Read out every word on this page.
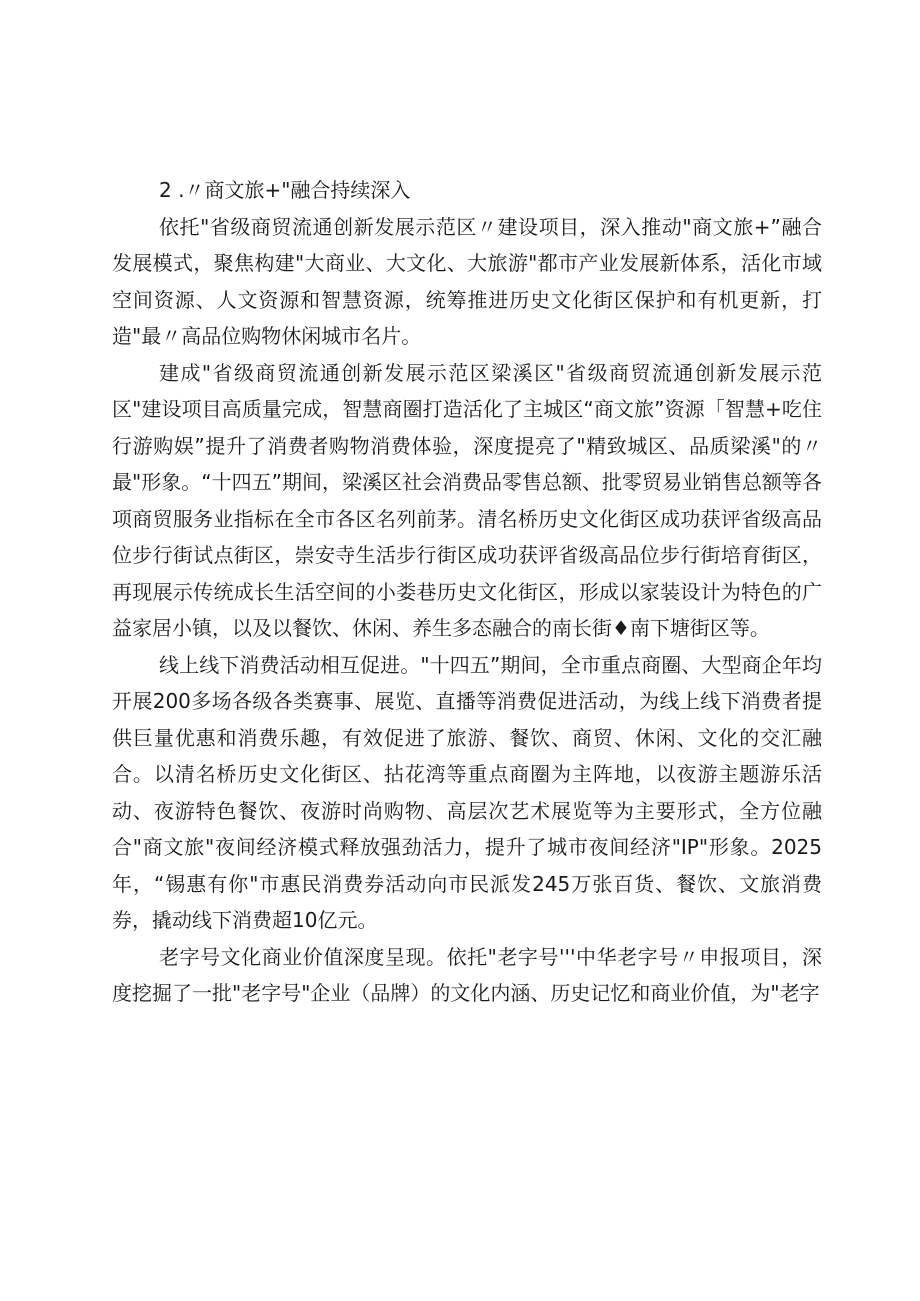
2 .〃商文旅+"融合持续深入

依托"省级商贸流通创新发展示范区〃建设项目，深入推动"商文旅+”融合发展模式，聚焦构建"大商业、大文化、大旅游"都市产业发展新体系，活化市域空间资源、人文资源和智慧资源，统筹推进历史文化街区保护和有机更新，打造"最〃高品位购物休闲城市名片。

建成"省级商贸流通创新发展示范区梁溪区"省级商贸流通创新发展示范区"建设项目高质量完成，智慧商圈打造活化了主城区“商文旅”资源「智慧+吃住行游购娱”提升了消费者购物消费体验，深度提亮了"精致城区、品质梁溪"的〃最"形象。“十四五”期间，梁溪区社会消费品零售总额、批零贸易业销售总额等各项商贸服务业指标在全市各区名列前茅。清名桥历史文化街区成功获评省级高品位步行街试点街区，崇安寺生活步行街区成功获评省级高品位步行街培育街区，再现展示传统成长生活空间的小娄巷历史文化街区，形成以家装设计为特色的广益家居小镇，以及以餐饮、休闲、养生多态融合的南长街♦南下塘街区等。

线上线下消费活动相互促进。"十四五”期间，全市重点商圈、大型商企年均开展200多场各级各类赛事、展览、直播等消费促进活动，为线上线下消费者提供巨量优惠和消费乐趣，有效促进了旅游、餐饮、商贸、休闲、文化的交汇融合。以清名桥历史文化街区、拈花湾等重点商圈为主阵地，以夜游主题游乐活动、夜游特色餐饮、夜游时尚购物、高层次艺术展览等为主要形式，全方位融合"商文旅"夜间经济模式释放强劲活力，提升了城市夜间经济"IP"形象。2025年，“锡惠有你"市惠民消费券活动向市民派发245万张百货、餐饮、文旅消费券，撬动线下消费超10亿元。

老字号文化商业价值深度呈现。依托"老字号'''中华老字号〃申报项目，深度挖掘了一批"老字号"企业（品牌）的文化内涵、历史记忆和商业价值，为"老字
